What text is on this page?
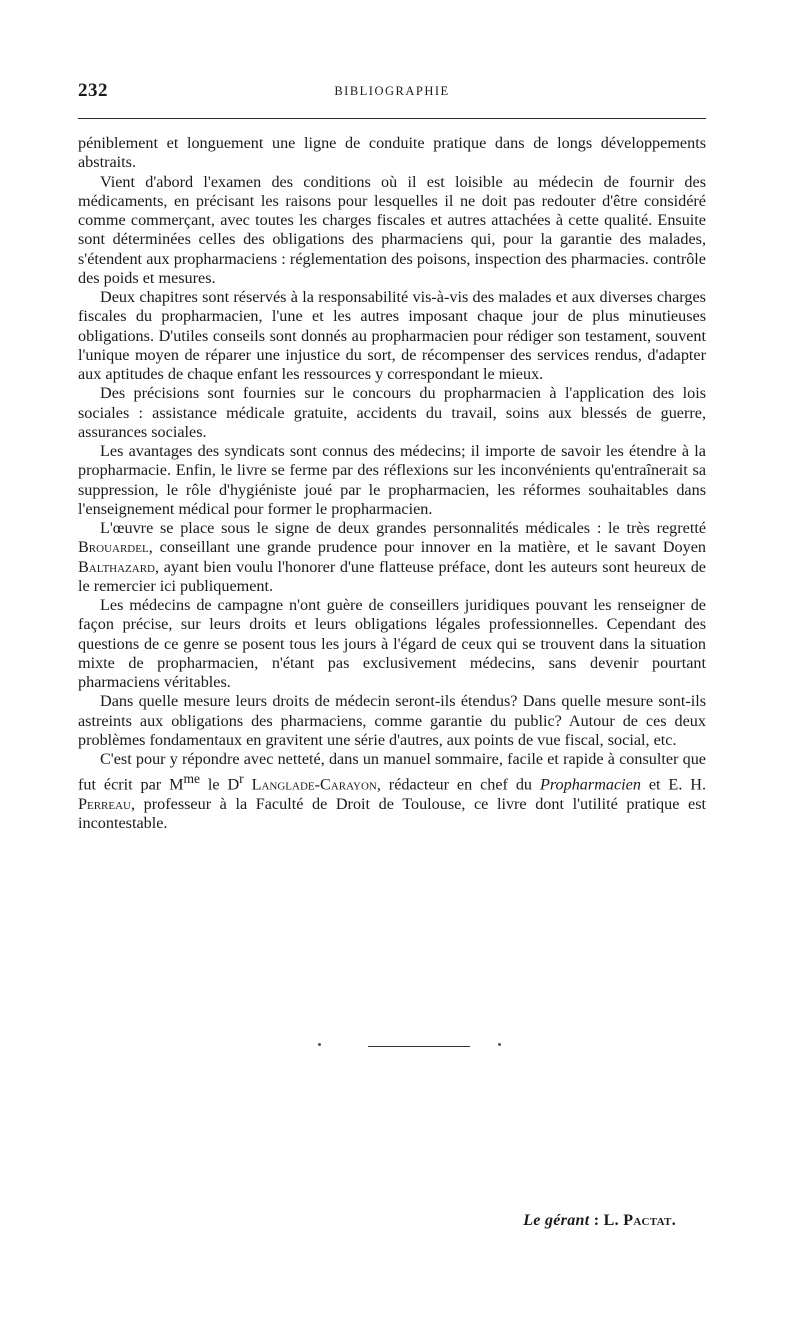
232	BIBLIOGRAPHIE

péniblement et longuement une ligne de conduite pratique dans de longs développements abstraits.

Vient d'abord l'examen des conditions où il est loisible au médecin de fournir des médicaments, en précisant les raisons pour lesquelles il ne doit pas redouter d'être considéré comme commerçant, avec toutes les charges fiscales et autres attachées à cette qualité. Ensuite sont déterminées celles des obligations des pharmaciens qui, pour la garantie des malades, s'étendent aux propharmaciens : réglementation des poisons, inspection des pharmacies. contrôle des poids et mesures.

Deux chapitres sont réservés à la responsabilité vis-à-vis des malades et aux diverses charges fiscales du propharmacien, l'une et les autres imposant chaque jour de plus minutieuses obligations. D'utiles conseils sont donnés au propharmacien pour rédiger son testament, souvent l'unique moyen de réparer une injustice du sort, de récompenser des services rendus, d'adapter aux aptitudes de chaque enfant les ressources y correspondant le mieux.

Des précisions sont fournies sur le concours du propharmacien à l'application des lois sociales : assistance médicale gratuite, accidents du travail, soins aux blessés de guerre, assurances sociales.

Les avantages des syndicats sont connus des médecins; il importe de savoir les étendre à la propharmacie. Enfin, le livre se ferme par des réflexions sur les inconvénients qu'entraînerait sa suppression, le rôle d'hygiéniste joué par le propharmacien, les réformes souhaitables dans l'enseignement médical pour former le propharmacien.

L'œuvre se place sous le signe de deux grandes personnalités médicales : le très regretté Brouardel, conseillant une grande prudence pour innover en la matière, et le savant Doyen Balthazard, ayant bien voulu l'honorer d'une flatteuse préface, dont les auteurs sont heureux de le remercier ici publiquement.

Les médecins de campagne n'ont guère de conseillers juridiques pouvant les renseigner de façon précise, sur leurs droits et leurs obligations légales professionnelles. Cependant des questions de ce genre se posent tous les jours à l'égard de ceux qui se trouvent dans la situation mixte de propharmacien, n'étant pas exclusivement médecins, sans devenir pourtant pharmaciens véritables.

Dans quelle mesure leurs droits de médecin seront-ils étendus? Dans quelle mesure sont-ils astreints aux obligations des pharmaciens, comme garantie du public? Autour de ces deux problèmes fondamentaux en gravitent une série d'autres, aux points de vue fiscal, social, etc.

C'est pour y répondre avec netteté, dans un manuel sommaire, facile et rapide à consulter que fut écrit par $M^{me}$ le $D^r$ Langlade-Carayon, rédacteur en chef du Propharmacien et E. H. Perreau, professeur à la Faculté de Droit de Toulouse, ce livre dont l'utilité pratique est incontestable.

Le gérant : L. Pactat.
